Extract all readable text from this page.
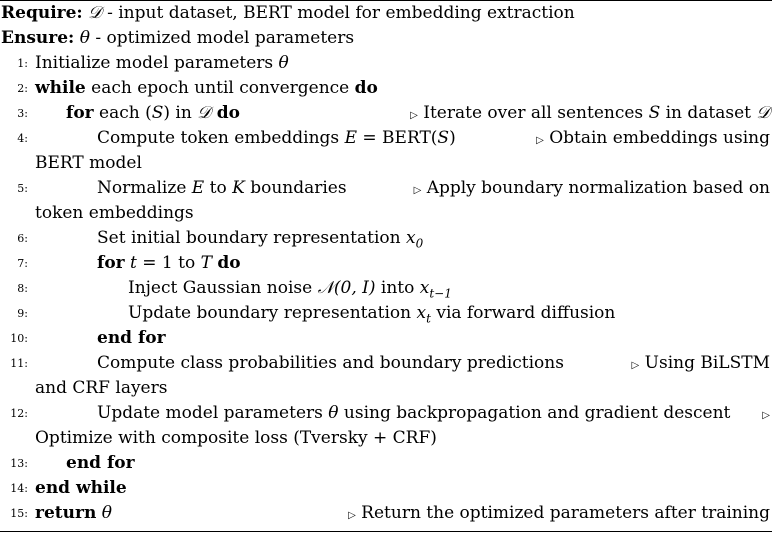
Require: 𝒟 - input dataset, BERT model for embedding extraction
Ensure: θ - optimized model parameters
1: Initialize model parameters θ
2: while each epoch until convergence do
3: for each (S) in 𝒟 do	▷ Iterate over all sentences S in dataset 𝒟
4:	Compute token embeddings E = BERT(S)	▷ Obtain embeddings using
BERT model
5:	Normalize E to K boundaries	▷ Apply boundary normalization based on
token embeddings
6:	Set initial boundary representation $x_0$
7:	for t = 1 to T do
8:	Inject Gaussian noise 𝒩(0, I) into $x_{t-1}$
9:	Update boundary representation $x_t$ via forward diffusion
10:	end for
11:	Compute class probabilities and boundary predictions	▷ Using BiLSTM
and CRF layers
12:	Update model parameters θ using backpropagation and gradient descent	▷
Optimize with composite loss (Tversky + CRF)
13: end for
14: end while
15: return θ	▷ Return the optimized parameters after training
